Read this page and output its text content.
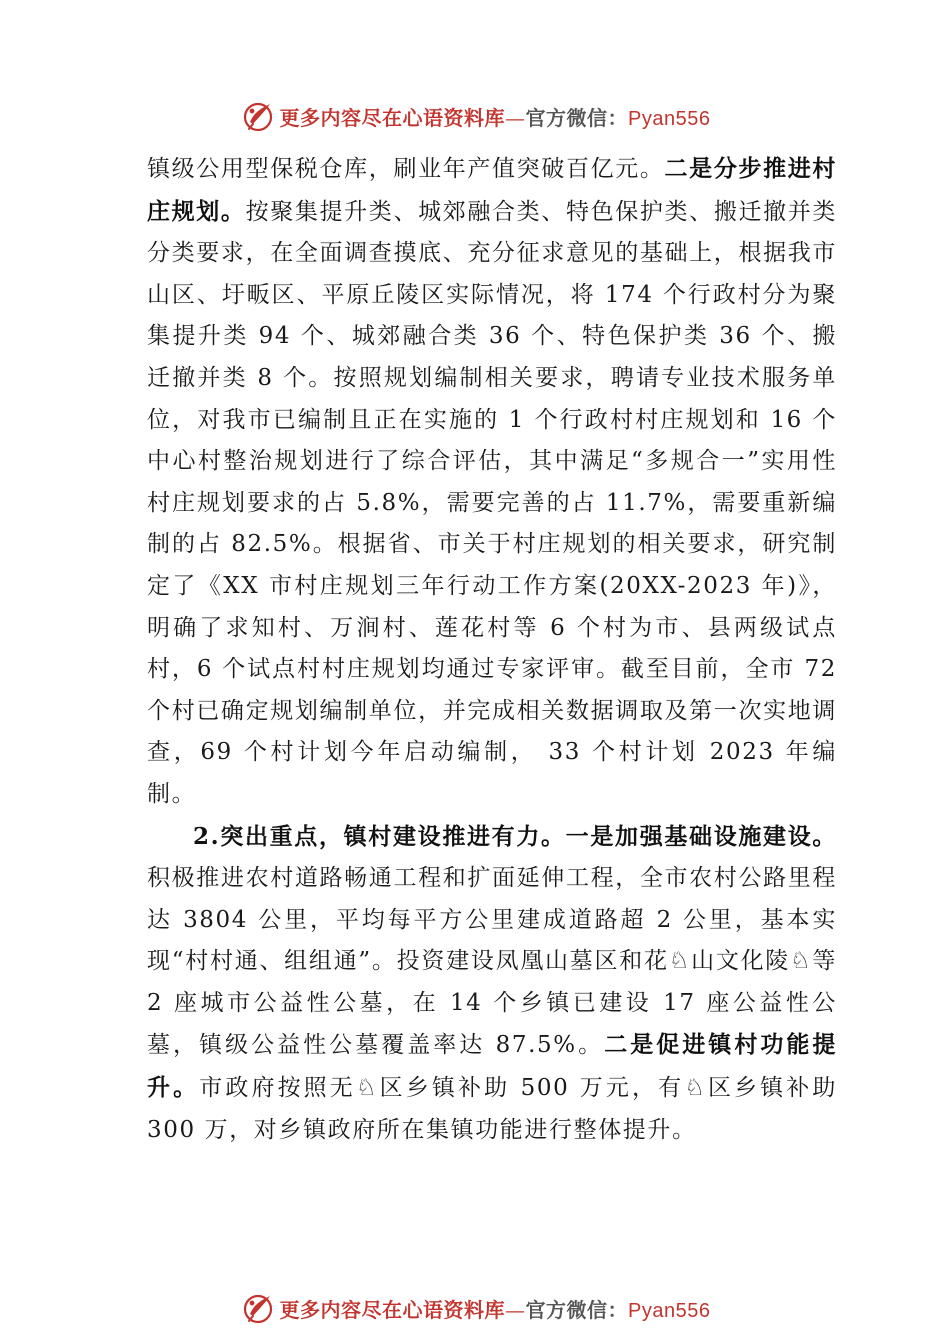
更多内容尽在心语资料库—官方微信：Pyan556

镇级公用型保税仓库，刷业年产值突破百亿元。二是分步推进村庄规划。按聚集提升类、城郊融合类、特色保护类、搬迁撤并类分类要求，在全面调查摸底、充分征求意见的基础上，根据我市山区、圩畈区、平原丘陵区实际情况，将 174 个行政村分为聚集提升类 94 个、城郊融合类 36 个、特色保护类 36 个、搬迁撤并类 8 个。按照规划编制相关要求，聘请专业技术服务单位，对我市已编制且正在实施的 1 个行政村村庄规划和 16 个中心村整治规划进行了综合评估，其中满足“多规合一”实用性村庄规划要求的占 5.8%，需要完善的占 11.7%，需要重新编制的占 82.5%。根据省、市关于村庄规划的相关要求，研究制定了《XX 市村庄规划三年行动工作方案(20XX-2023 年)》，明确了求知村、万涧村、莲花村等 6 个村为市、县两级试点村，6 个试点村村庄规划均通过专家评审。截至目前，全市 72 个村已确定规划编制单位，并完成相关数据调取及第一次实地调查，69 个村计划今年启动编制， 33 个村计划 2023 年编制。

2.突出重点，镇村建设推进有力。一是加强基础设施建设。积极推进农村道路畅通工程和扩面延伸工程，全市农村公路里程达 3804 公里，平均每平方公里建成道路超 2 公里，基本实现“村村通、组组通”。投资建设凤凰山墓区和花♘山文化陵♘等 2 座城市公益性公墓，在 14 个乡镇已建设 17 座公益性公墓，镇级公益性公墓覆盖率达 87.5%。二是促进镇村功能提升。市政府按照无♘区乡镇补助 500 万元，有♘区乡镇补助 300 万，对乡镇政府所在集镇功能进行整体提升。

更多内容尽在心语资料库—官方微信：Pyan556
